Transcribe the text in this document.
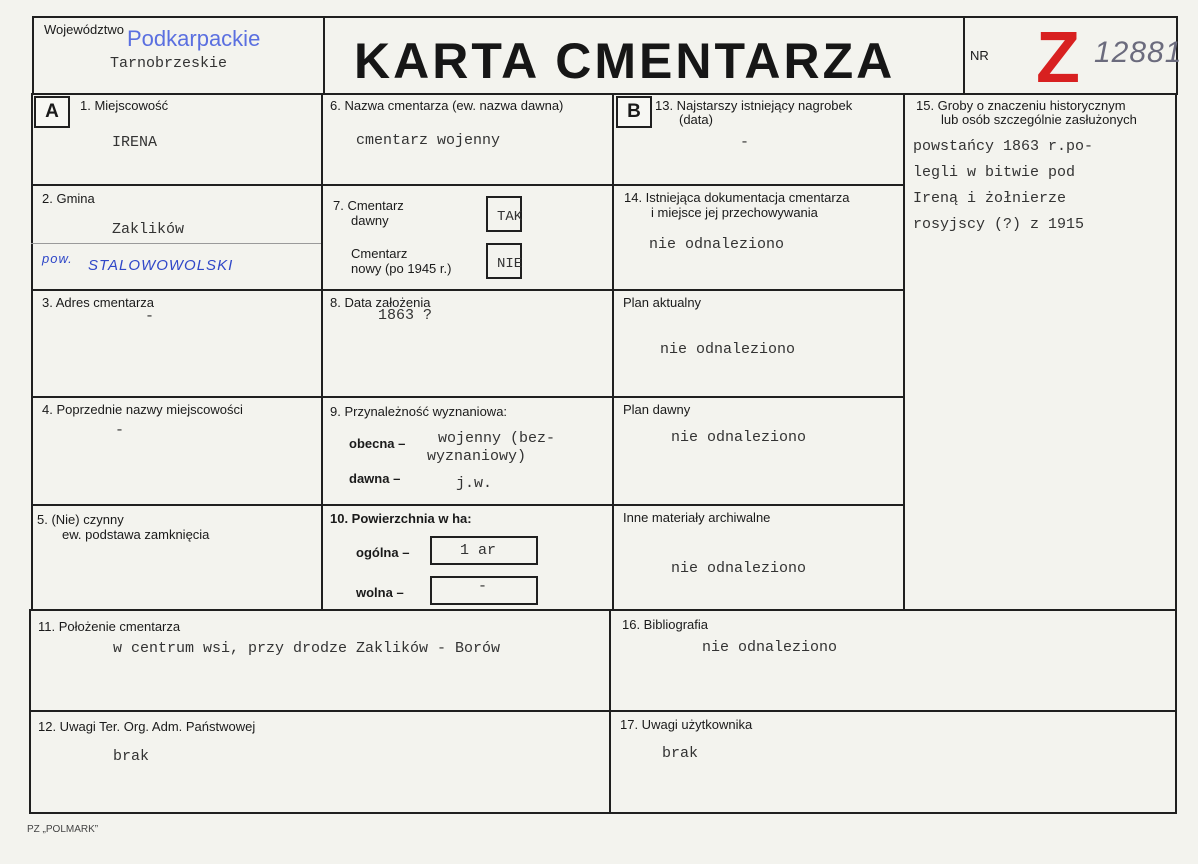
Województwo Podkarpackie
Tarnobrzeskie	KARTA CMENTARZA	NR Z 12881
A	1. Miejscowość
IRENA
2. Gmina
Zaklików
pow. STALOWOWOLSKI
3. Adres cmentarza
-
4. Poprzednie nazwy miejscowości
-
5. (Nie) czynny
ew. podstawa zamknięcia
6. Nazwa cmentarza (ew. nazwa dawna)
cmentarz wojenny
7. Cmentarz
dawny	TAK
Cmentarz
nowy (po 1945 r.)	NIE
8. Data założenia
1863 ?
9. Przynależność wyznaniowa:
obecna – wojenny (bez-
wyznaniowy)
dawna –	j.w.
10. Powierzchnia w ha:
ogólna –	1 ar
wolna –	-
B	13. Najstarszy istniejący nagrobek
(data)
-
14. Istniejąca dokumentacja cmentarza
i miejsce jej przechowywania
nie odnaleziono
Plan aktualny
nie odnaleziono
Plan dawny
nie odnaleziono
Inne materiały archiwalne
nie odnaleziono
15. Groby o znaczeniu historycznym
lub osób szczególnie zasłużonych
powstańcy 1863 r.po-
legli w bitwie pod
Ireną i żołnierze
rosyjscy (?) z 1915
11. Położenie cmentarza
w centrum wsi, przy drodze Zaklików - Borów
16. Bibliografia
nie odnaleziono
12. Uwagi Ter. Org. Adm. Państwowej
brak
17. Uwagi użytkownika
brak
PZ „POLMARK”
